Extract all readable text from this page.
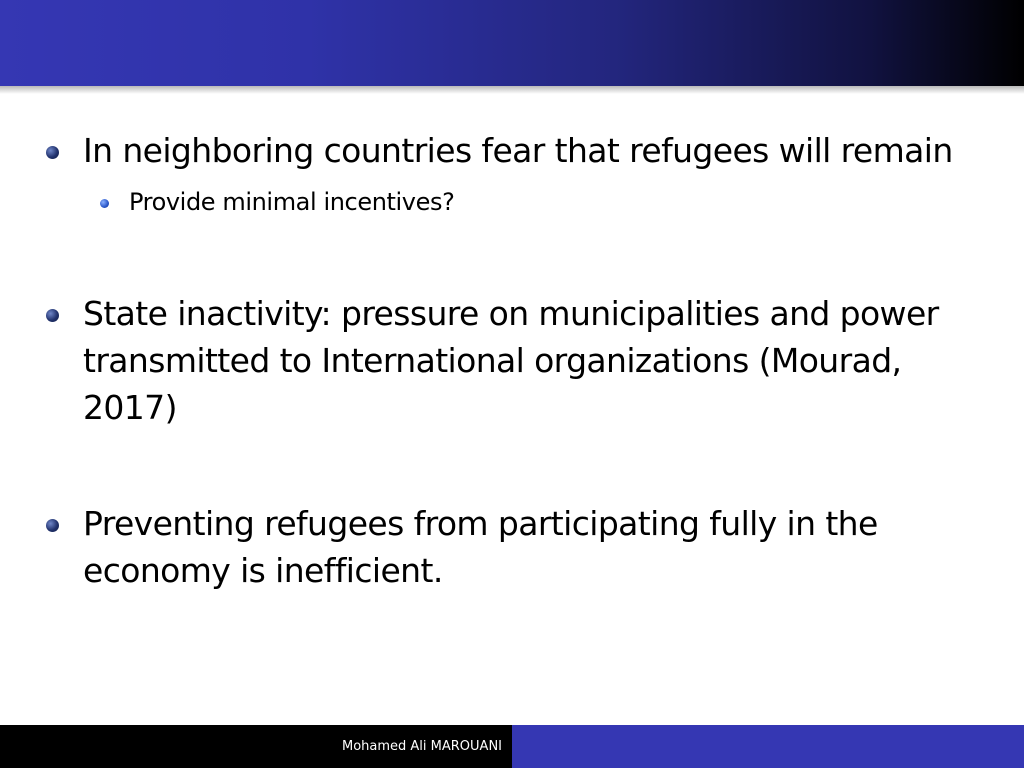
In neighboring countries fear that refugees will remain
Provide minimal incentives?
State inactivity: pressure on municipalities and power transmitted to International organizations (Mourad, 2017)
Preventing refugees from participating fully in the economy is inefficient.
Mohamed Ali MAROUANI
